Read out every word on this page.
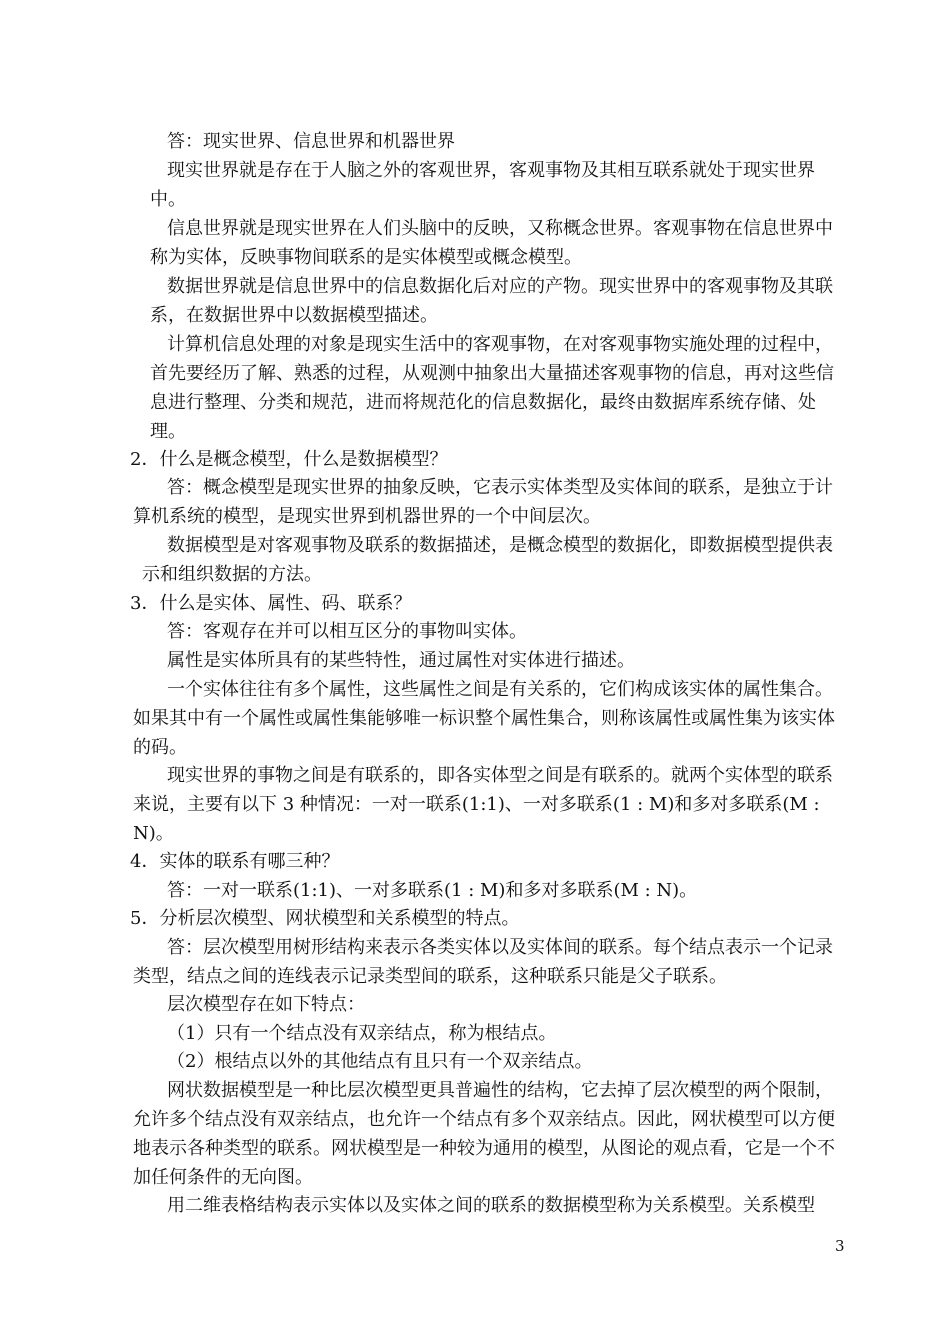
答：现实世界、信息世界和机器世界
现实世界就是存在于人脑之外的客观世界，客观事物及其相互联系就处于现实世界中。
信息世界就是现实世界在人们头脑中的反映，又称概念世界。客观事物在信息世界中称为实体，反映事物间联系的是实体模型或概念模型。
数据世界就是信息世界中的信息数据化后对应的产物。现实世界中的客观事物及其联系，在数据世界中以数据模型描述。
计算机信息处理的对象是现实生活中的客观事物，在对客观事物实施处理的过程中，首先要经历了解、熟悉的过程，从观测中抽象出大量描述客观事物的信息，再对这些信息进行整理、分类和规范，进而将规范化的信息数据化，最终由数据库系统存储、处理。
2．什么是概念模型，什么是数据模型？
答：概念模型是现实世界的抽象反映，它表示实体类型及实体间的联系，是独立于计算机系统的模型，是现实世界到机器世界的一个中间层次。
数据模型是对客观事物及联系的数据描述，是概念模型的数据化，即数据模型提供表示和组织数据的方法。
3．什么是实体、属性、码、联系？
答：客观存在并可以相互区分的事物叫实体。
属性是实体所具有的某些特性，通过属性对实体进行描述。
一个实体往往有多个属性，这些属性之间是有关系的，它们构成该实体的属性集合。如果其中有一个属性或属性集能够唯一标识整个属性集合，则称该属性或属性集为该实体的码。
现实世界的事物之间是有联系的，即各实体型之间是有联系的。就两个实体型的联系来说，主要有以下 3 种情况：一对一联系(1:1)、一对多联系(1 : M)和多对多联系(M : N)。
4．实体的联系有哪三种？
答：一对一联系(1:1)、一对多联系(1 : M)和多对多联系(M : N)。
5．分析层次模型、网状模型和关系模型的特点。
答：层次模型用树形结构来表示各类实体以及实体间的联系。每个结点表示一个记录类型，结点之间的连线表示记录类型间的联系，这种联系只能是父子联系。
层次模型存在如下特点：
（1）只有一个结点没有双亲结点，称为根结点。
（2）根结点以外的其他结点有且只有一个双亲结点。
网状数据模型是一种比层次模型更具普遍性的结构，它去掉了层次模型的两个限制，允许多个结点没有双亲结点，也允许一个结点有多个双亲结点。因此，网状模型可以方便地表示各种类型的联系。网状模型是一种较为通用的模型，从图论的观点看，它是一个不加任何条件的无向图。
用二维表格结构表示实体以及实体之间的联系的数据模型称为关系模型。关系模型
3
